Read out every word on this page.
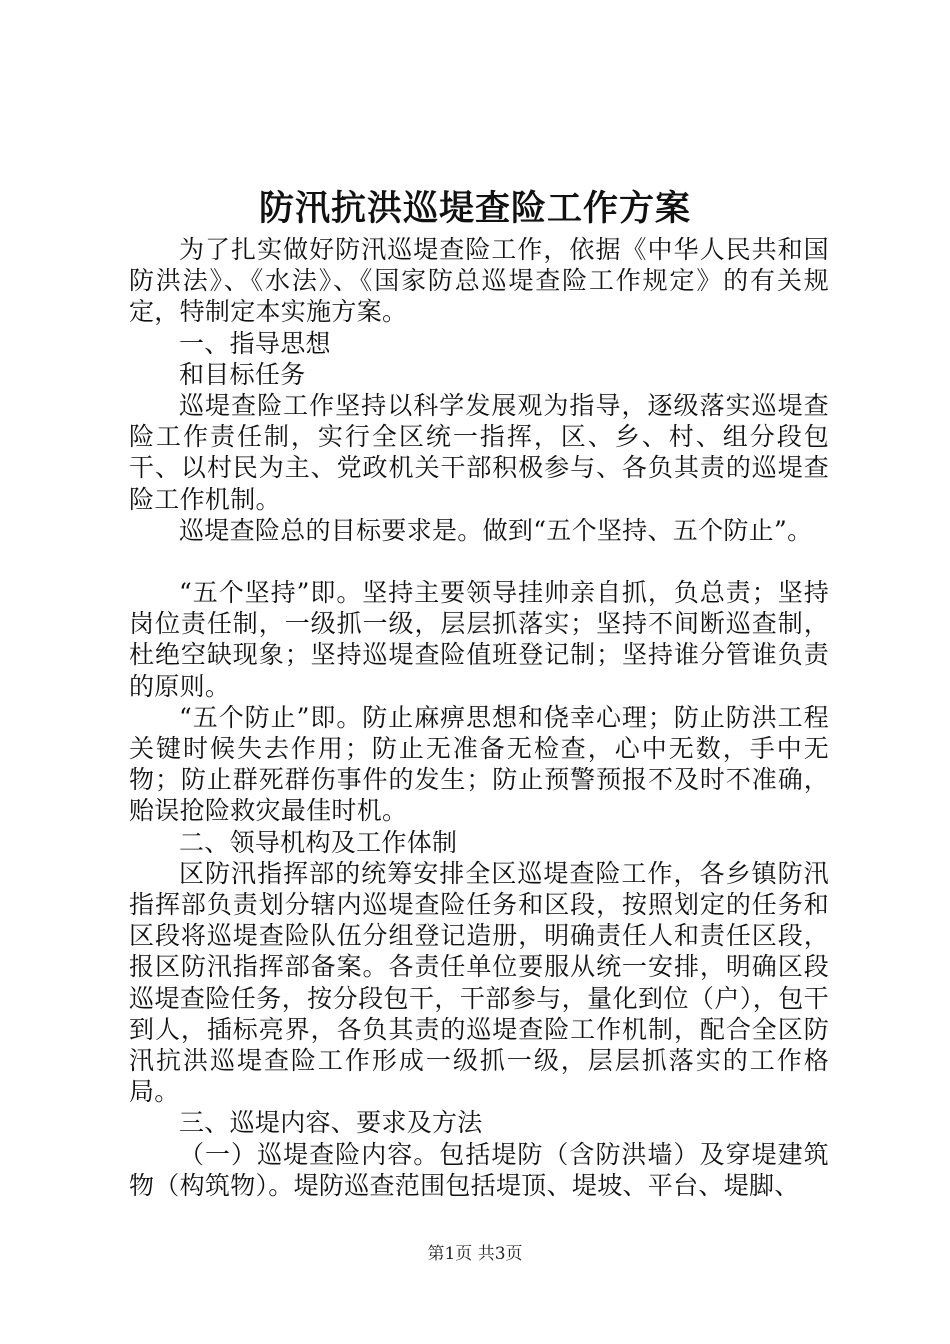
防汛抗洪巡堤查险工作方案

为了扎实做好防汛巡堤查险工作，依据《中华人民共和国防洪法》、《水法》、《国家防总巡堤查险工作规定》的有关规定，特制定本实施方案。

一、指导思想

和目标任务

巡堤查险工作坚持以科学发展观为指导，逐级落实巡堤查险工作责任制，实行全区统一指挥，区、乡、村、组分段包干、以村民为主、党政机关干部积极参与、各负其责的巡堤查险工作机制。

巡堤查险总的目标要求是。做到“五个坚持、五个防止”。

“五个坚持”即。坚持主要领导挂帅亲自抓，负总责；坚持岗位责任制，一级抓一级，层层抓落实；坚持不间断巡查制，杜绝空缺现象；坚持巡堤查险值班登记制；坚持谁分管谁负责的原则。

“五个防止”即。防止麻痹思想和侥幸心理；防止防洪工程关键时候失去作用；防止无准备无检查，心中无数，手中无物；防止群死群伤事件的发生；防止预警预报不及时不准确，贻误抢险救灾最佳时机。

二、领导机构及工作体制

区防汛指挥部的统筹安排全区巡堤查险工作，各乡镇防汛指挥部负责划分辖内巡堤查险任务和区段，按照划定的任务和区段将巡堤查险队伍分组登记造册，明确责任人和责任区段，报区防汛指挥部备案。各责任单位要服从统一安排，明确区段巡堤查险任务，按分段包干，干部参与，量化到位（户），包干到人，插标亮界，各负其责的巡堤查险工作机制，配合全区防汛抗洪巡堤查险工作形成一级抓一级，层层抓落实的工作格局。

三、巡堤内容、要求及方法

（一）巡堤查险内容。包括堤防（含防洪墙）及穿堤建筑物（构筑物）。堤防巡查范围包括堤顶、堤坡、平台、堤脚、

第1页 共3页
